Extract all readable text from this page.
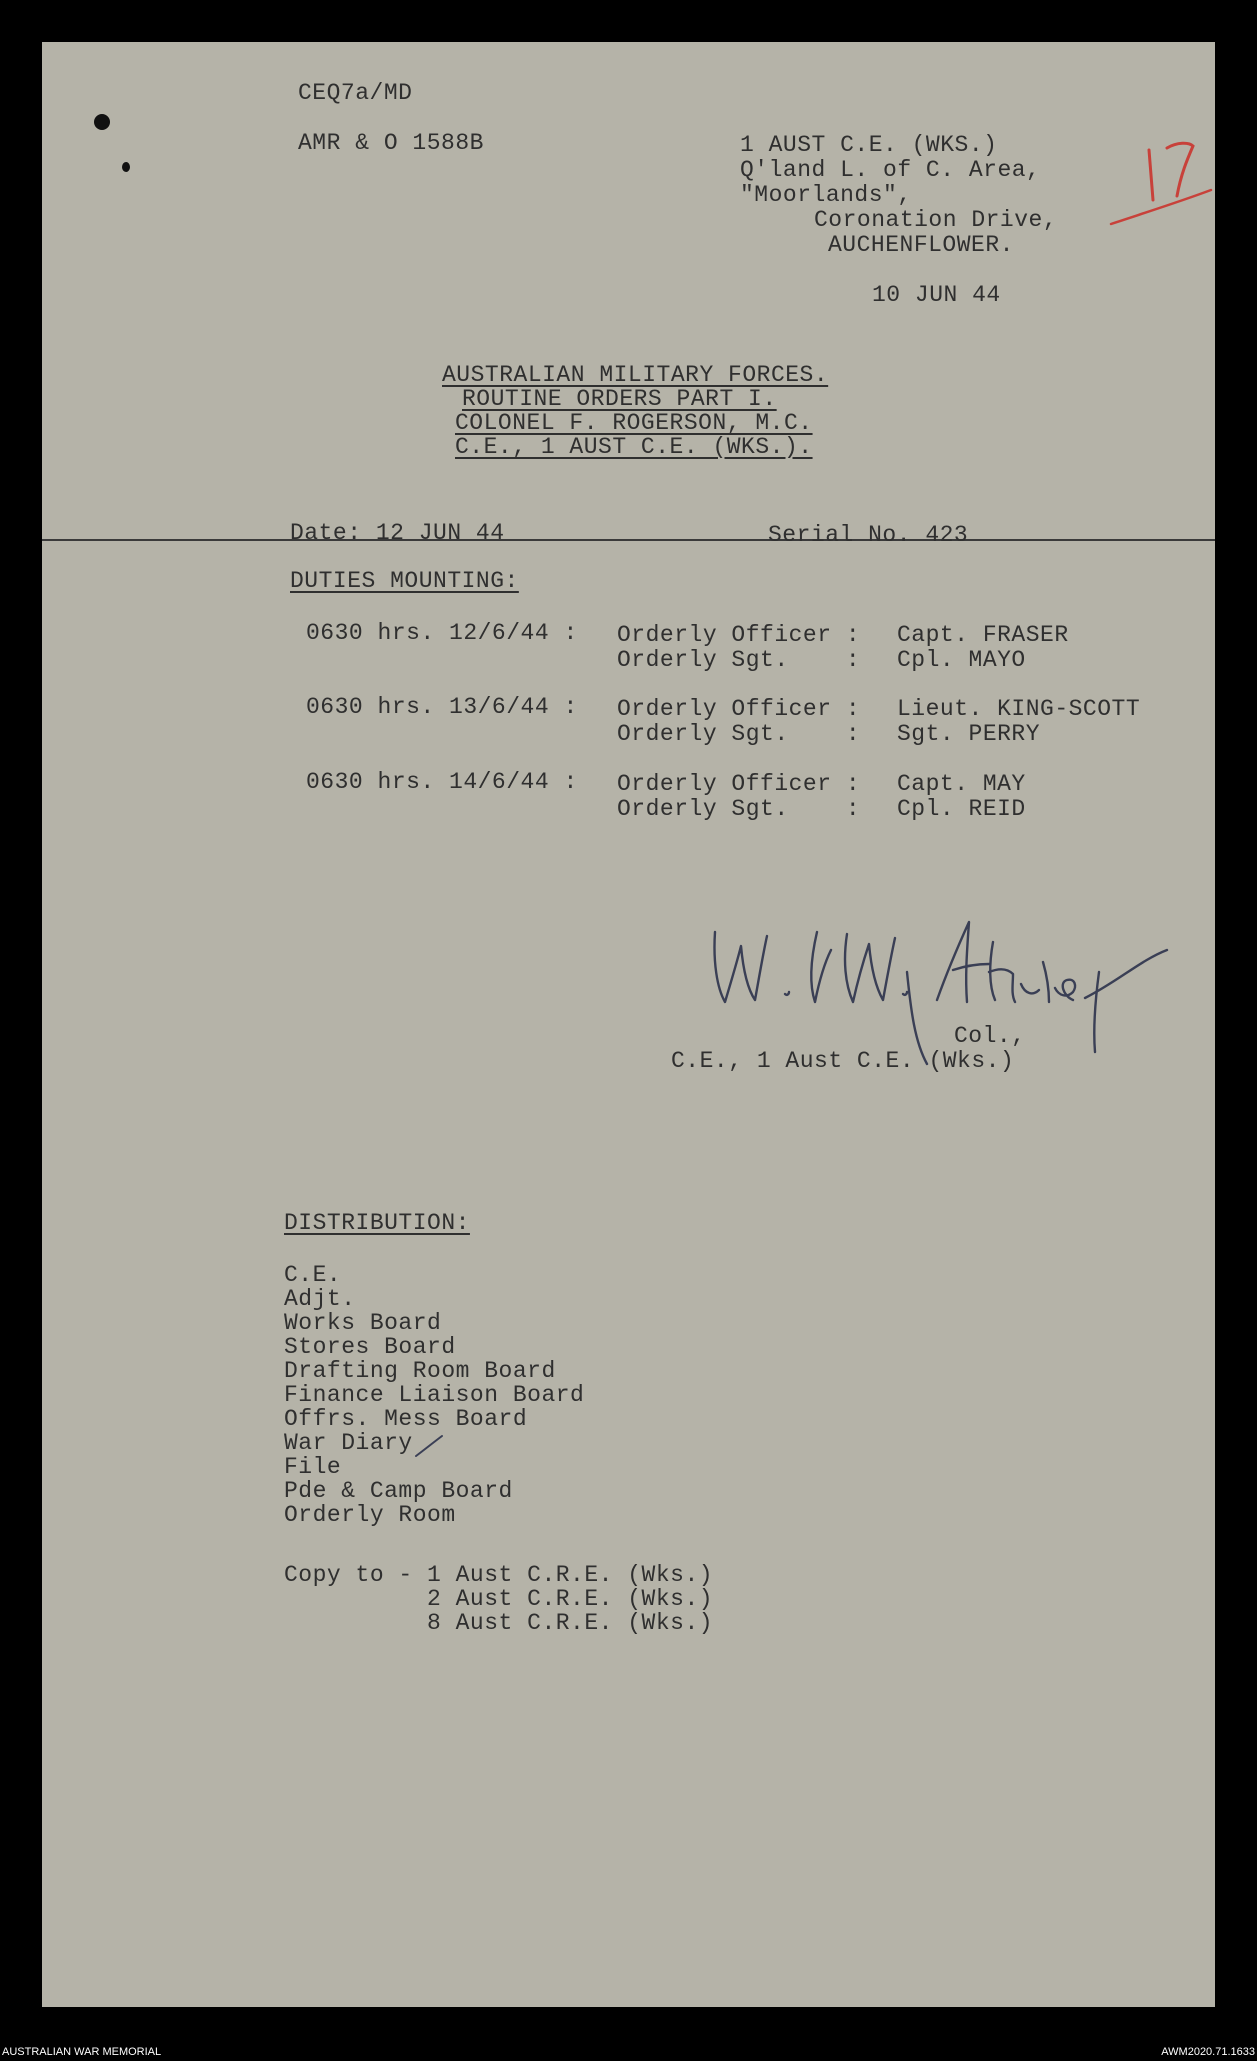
CEQ7a/MD
AMR & O 1588B	1 AUST C.E. (WKS.)
Q'land L. of C. Area,
"Moorlands",
Coronation Drive,
AUCHENFLOWER.
10 JUN 44
AUSTRALIAN MILITARY FORCES.
ROUTINE ORDERS PART I.
COLONEL F. ROGERSON, M.C.
C.E., 1 AUST C.E. (WKS.).
Date: 12 JUN 44	Serial No. 423
DUTIES MOUNTING:
0630 hrs. 12/6/44 : Orderly Officer : Capt. FRASER
Orderly Sgt.    : Cpl. MAYO
0630 hrs. 13/6/44 : Orderly Officer : Lieut. KING-SCOTT
Orderly Sgt.    : Sgt. PERRY
0630 hrs. 14/6/44 : Orderly Officer : Capt. MAY
Orderly Sgt.    : Cpl. REID
Col.,
C.E., 1 Aust C.E. (Wks.)
DISTRIBUTION:
C.E.
Adjt.
Works Board
Stores Board
Drafting Room Board
Finance Liaison Board
Offrs. Mess Board
War Diary
File
Pde & Camp Board
Orderly Room
Copy to - 1 Aust C.R.E. (Wks.)
2 Aust C.R.E. (Wks.)
8 Aust C.R.E. (Wks.)
AUSTRALIAN WAR MEMORIAL	AWM2020.71.1633
